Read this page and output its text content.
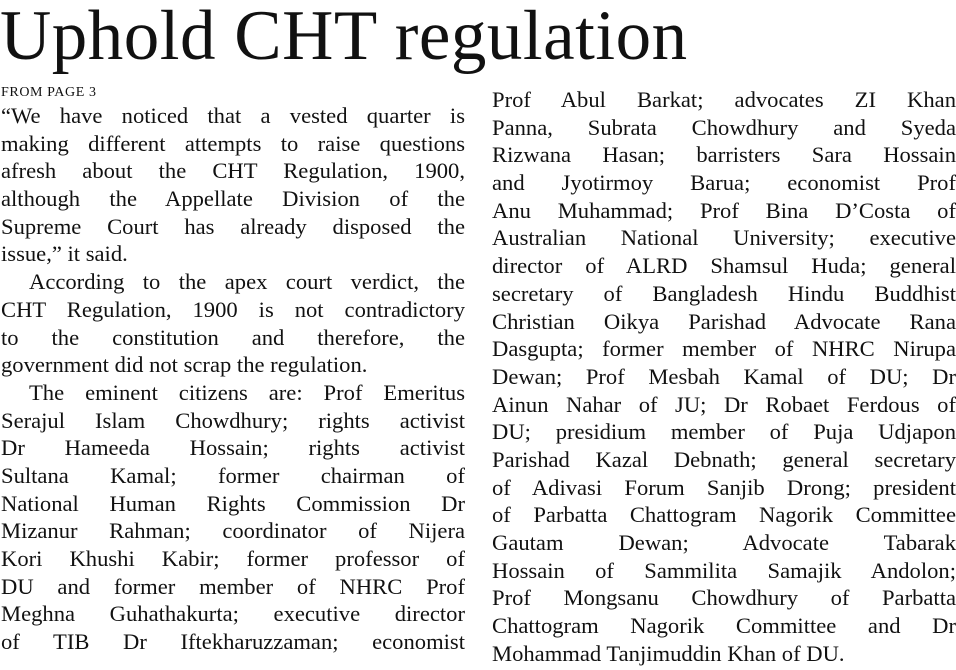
Uphold CHT regulation

FROM PAGE 3

“We have noticed that a vested quarter is
making different attempts to raise questions
afresh about the CHT Regulation, 1900,
although the Appellate Division of the
Supreme Court has already disposed the
issue,” it said.
According to the apex court verdict, the
CHT Regulation, 1900 is not contradictory
to the constitution and therefore, the
government did not scrap the regulation.
The eminent citizens are: Prof Emeritus
Serajul Islam Chowdhury; rights activist
Dr Hameeda Hossain; rights activist
Sultana Kamal; former chairman of
National Human Rights Commission Dr
Mizanur Rahman; coordinator of Nijera
Kori Khushi Kabir; former professor of
DU and former member of NHRC Prof
Meghna Guhathakurta; executive director
of TIB Dr Iftekharuzzaman; economist
Prof Abul Barkat; advocates ZI Khan
Panna, Subrata Chowdhury and Syeda
Rizwana Hasan; barristers Sara Hossain
and Jyotirmoy Barua; economist Prof
Anu Muhammad; Prof Bina D’Costa of
Australian National University; executive
director of ALRD Shamsul Huda; general
secretary of Bangladesh Hindu Buddhist
Christian Oikya Parishad Advocate Rana
Dasgupta; former member of NHRC Nirupa
Dewan; Prof Mesbah Kamal of DU; Dr
Ainun Nahar of JU; Dr Robaet Ferdous of
DU; presidium member of Puja Udjapon
Parishad Kazal Debnath; general secretary
of Adivasi Forum Sanjib Drong; president
of Parbatta Chattogram Nagorik Committee
Gautam Dewan; Advocate Tabarak
Hossain of Sammilita Samajik Andolon;
Prof Mongsanu Chowdhury of Parbatta
Chattogram Nagorik Committee and Dr
Mohammad Tanjimuddin Khan of DU.
